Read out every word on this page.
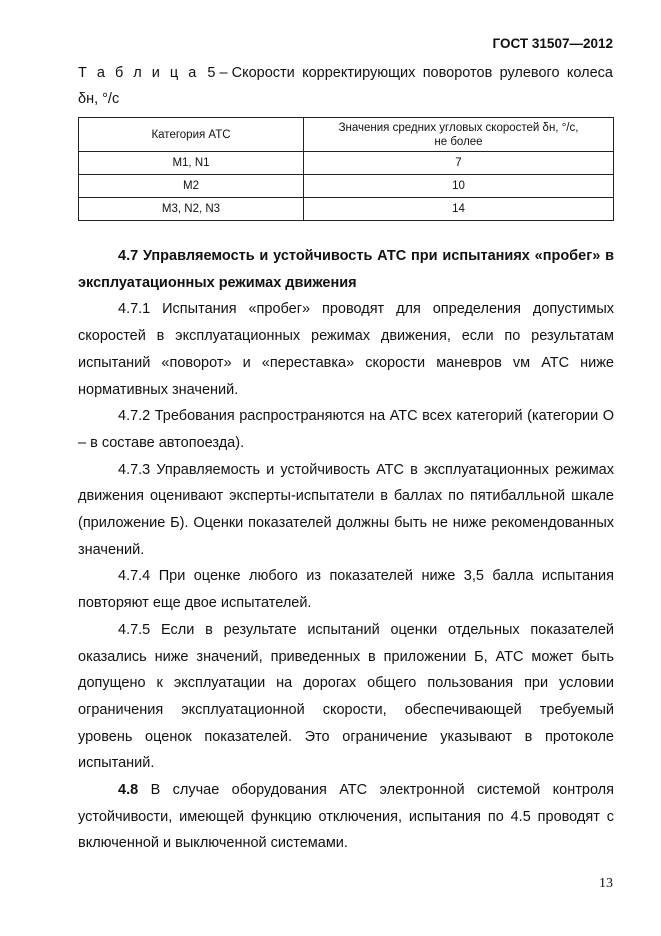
ГОСТ 31507—2012
Т а б л и ц а 5 – Скорости корректирующих поворотов рулевого колеса
δн, °/с
Категория АТС	Значения средних угловых скоростей δн, °/с,
не более
M1, N1	7
M2	10
M3, N2, N3	14

4.7 Управляемость и устойчивость АТС при испытаниях «пробег» в эксплуатационных режимах движения

4.7.1 Испытания «пробег» проводят для определения допустимых скоростей в эксплуатационных режимах движения, если по результатам испытаний «поворот» и «переставка» скорости маневров vм АТС ниже нормативных значений.

4.7.2 Требования распространяются на АТС всех категорий (категории О – в составе автопоезда).

4.7.3 Управляемость и устойчивость АТС в эксплуатационных режимах движения оценивают эксперты-испытатели в баллах по пятибалльной шкале (приложение Б). Оценки показателей должны быть не ниже рекомендованных значений.

4.7.4 При оценке любого из показателей ниже 3,5 балла испытания повторяют еще двое испытателей.

4.7.5 Если в результате испытаний оценки отдельных показателей оказались ниже значений, приведенных в приложении Б, АТС может быть допущено к эксплуатации на дорогах общего пользования при условии ограничения эксплуатационной скорости, обеспечивающей требуемый уровень оценок показателей. Это ограничение указывают в протоколе испытаний.

4.8 В случае оборудования АТС электронной системой контроля устойчивости, имеющей функцию отключения, испытания по 4.5 проводят с включенной и выключенной системами.

13
